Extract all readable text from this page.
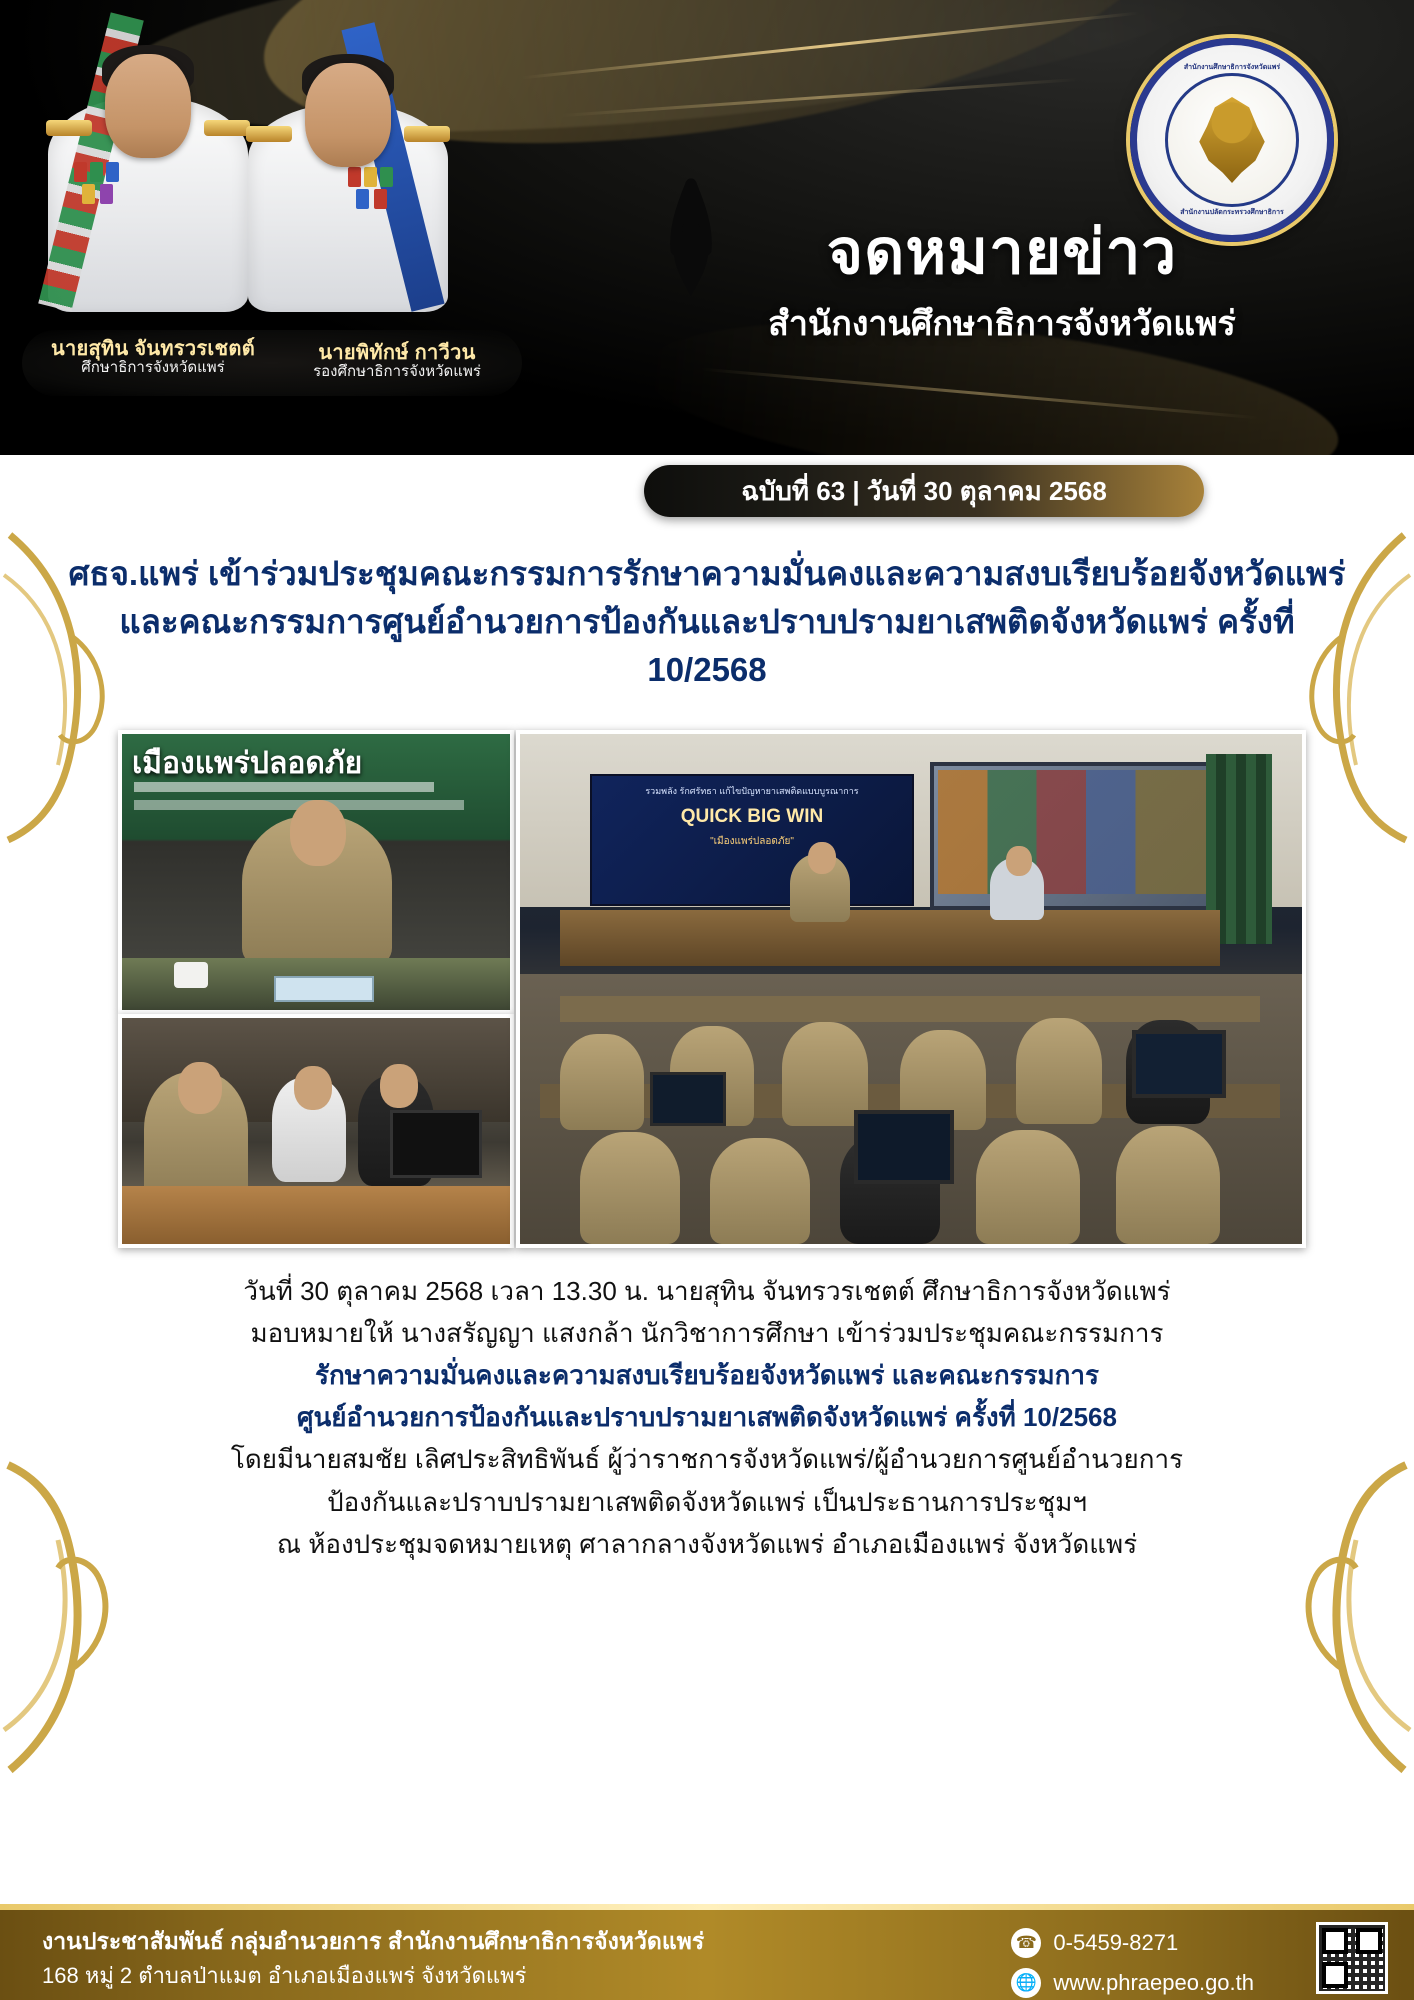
นายสุทิน จันทรวรเชตต์
ศึกษาธิการจังหวัดแพร่
นายพิทักษ์ กาวีวน
รองศึกษาธิการจังหวัดแพร่
สำนักงานศึกษาธิการจังหวัดแพร่
สำนักงานปลัดกระทรวงศึกษาธิการ
จดหมายข่าว
สำนักงานศึกษาธิการจังหวัดแพร่
ฉบับที่ 63 | วันที่ 30 ตุลาคม 2568
ศธจ.แพร่ เข้าร่วมประชุมคณะกรรมการรักษาความมั่นคงและความสงบเรียบร้อยจังหวัดแพร่ และคณะกรรมการศูนย์อำนวยการป้องกันและปราบปรามยาเสพติดจังหวัดแพร่ ครั้งที่ 10/2568
เมืองแพร่ปลอดภัย
QUICK BIG WIN
รวมพลัง รักศรัทธา แก้ไขปัญหายาเสพติดแบบบูรณาการ
"เมืองแพร่ปลอดภัย"
วันที่ 30 ตุลาคม 2568 เวลา 13.30 น. นายสุทิน จันทรวรเชตต์ ศึกษาธิการจังหวัดแพร่
มอบหมายให้ นางสรัญญา แสงกล้า นักวิชาการศึกษา เข้าร่วมประชุมคณะกรรมการ
รักษาความมั่นคงและความสงบเรียบร้อยจังหวัดแพร่ และคณะกรรมการ
ศูนย์อำนวยการป้องกันและปราบปรามยาเสพติดจังหวัดแพร่ ครั้งที่ 10/2568
โดยมีนายสมชัย เลิศประสิทธิพันธ์ ผู้ว่าราชการจังหวัดแพร่/ผู้อำนวยการศูนย์อำนวยการ
ป้องกันและปราบปรามยาเสพติดจังหวัดแพร่ เป็นประธานการประชุมฯ
ณ ห้องประชุมจดหมายเหตุ ศาลากลางจังหวัดแพร่ อำเภอเมืองแพร่ จังหวัดแพร่
งานประชาสัมพันธ์ กลุ่มอำนวยการ สำนักงานศึกษาธิการจังหวัดแพร่
168 หมู่ 2 ตำบลป่าแมต อำเภอเมืองแพร่ จังหวัดแพร่
☎ 0-5459-8271
🌐 www.phraepeo.go.th
